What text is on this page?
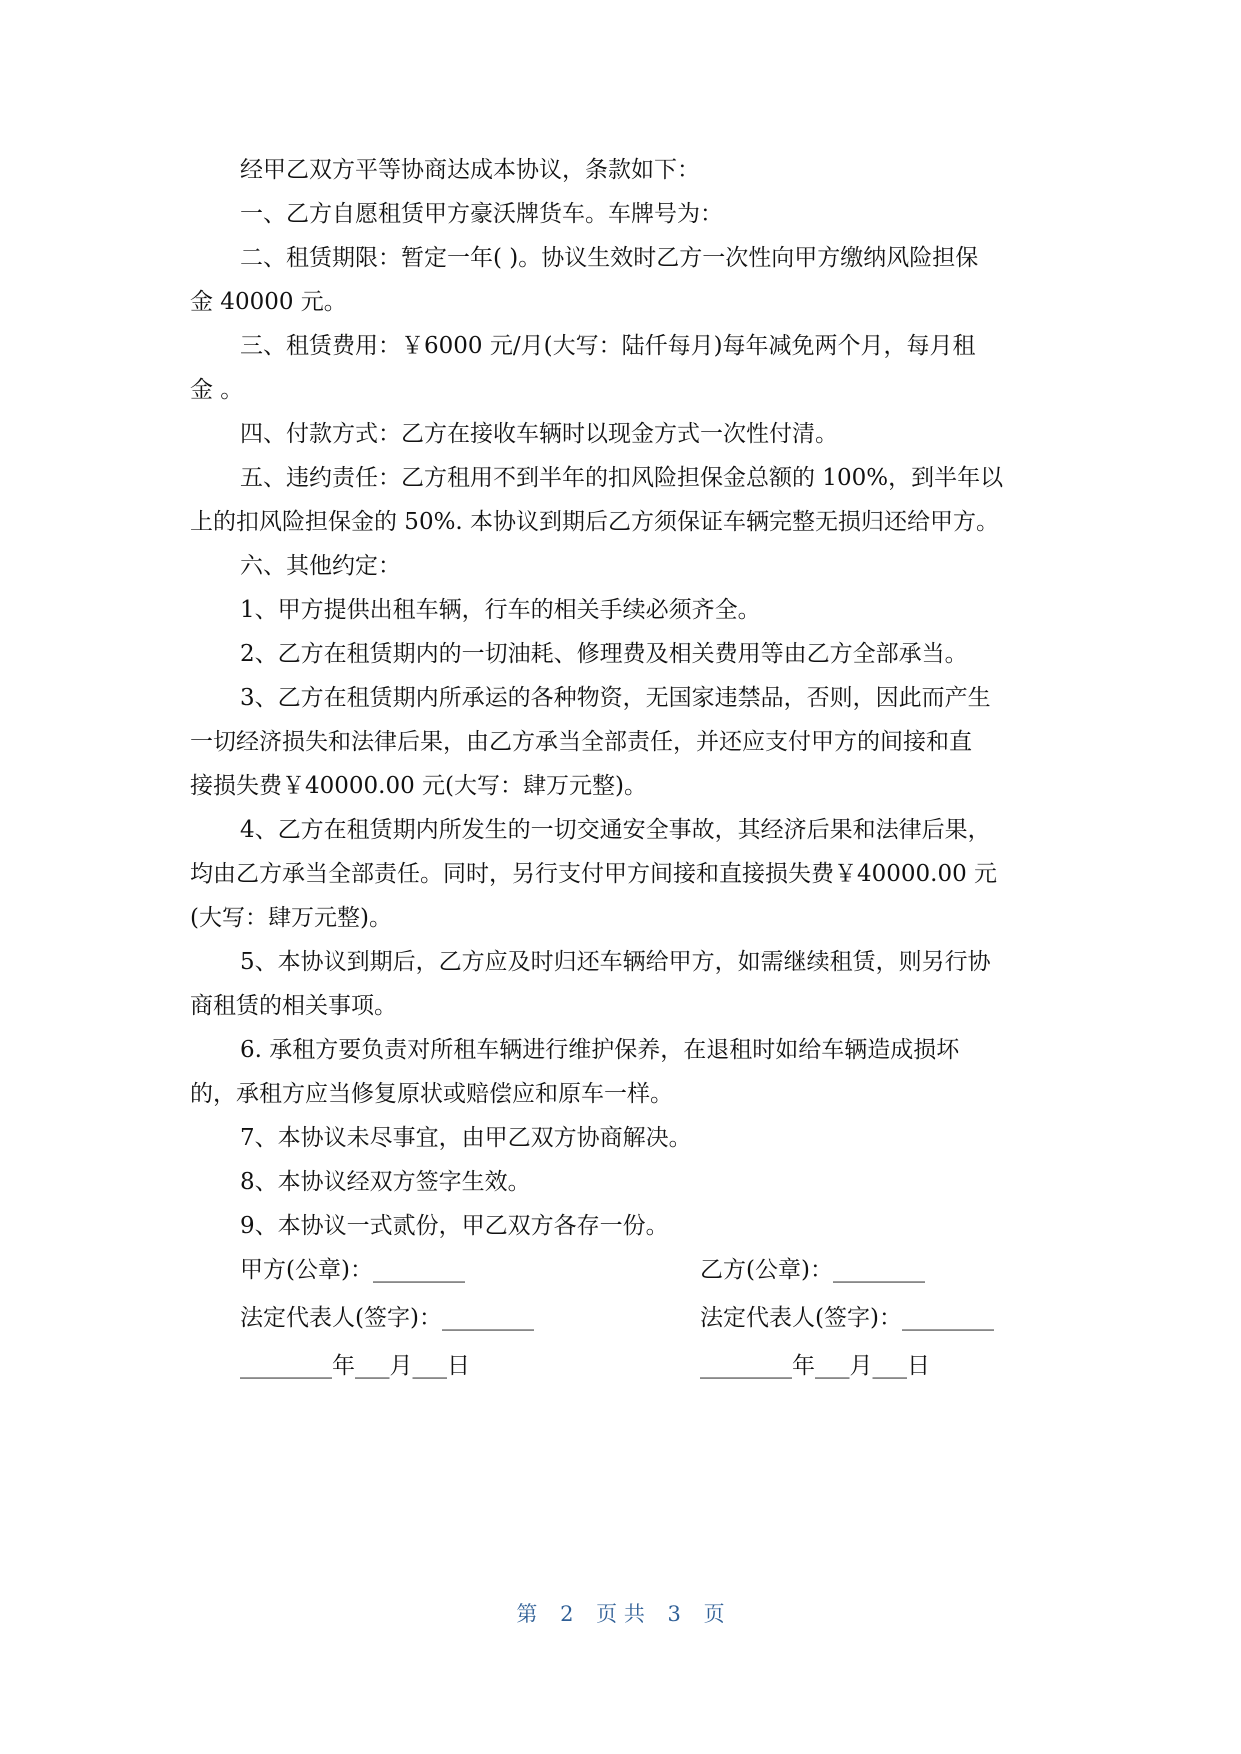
经甲乙双方平等协商达成本协议，条款如下：
一、乙方自愿租赁甲方豪沃牌货车。车牌号为：
二、租赁期限：暂定一年( )。协议生效时乙方一次性向甲方缴纳风险担保
金 40000 元。
三、租赁费用：￥6000 元/月(大写：陆仟每月)每年减免两个月，每月租
金 。
四、付款方式：乙方在接收车辆时以现金方式一次性付清。
五、违约责任：乙方租用不到半年的扣风险担保金总额的 100%，到半年以
上的扣风险担保金的 50%. 本协议到期后乙方须保证车辆完整无损归还给甲方。
六、其他约定：
1、甲方提供出租车辆，行车的相关手续必须齐全。
2、乙方在租赁期内的一切油耗、修理费及相关费用等由乙方全部承当。
3、乙方在租赁期内所承运的各种物资，无国家违禁品，否则，因此而产生
一切经济损失和法律后果，由乙方承当全部责任，并还应支付甲方的间接和直
接损失费￥40000.00 元(大写：肆万元整)。
4、乙方在租赁期内所发生的一切交通安全事故，其经济后果和法律后果，
均由乙方承当全部责任。同时，另行支付甲方间接和直接损失费￥40000.00 元
(大写：肆万元整)。
5、本协议到期后，乙方应及时归还车辆给甲方，如需继续租赁，则另行协
商租赁的相关事项。
6. 承租方要负责对所租车辆进行维护保养，在退租时如给车辆造成损坏
的，承租方应当修复原状或赔偿应和原车一样。
7、本协议未尽事宜，由甲乙双方协商解决。
8、本协议经双方签字生效。
9、本协议一式贰份，甲乙双方各存一份。
甲方(公章)：________	乙方(公章)：________
法定代表人(签字)：________	法定代表人(签字)：________
________年___月___日	________年___月___日
第 2 页 共 3 页
